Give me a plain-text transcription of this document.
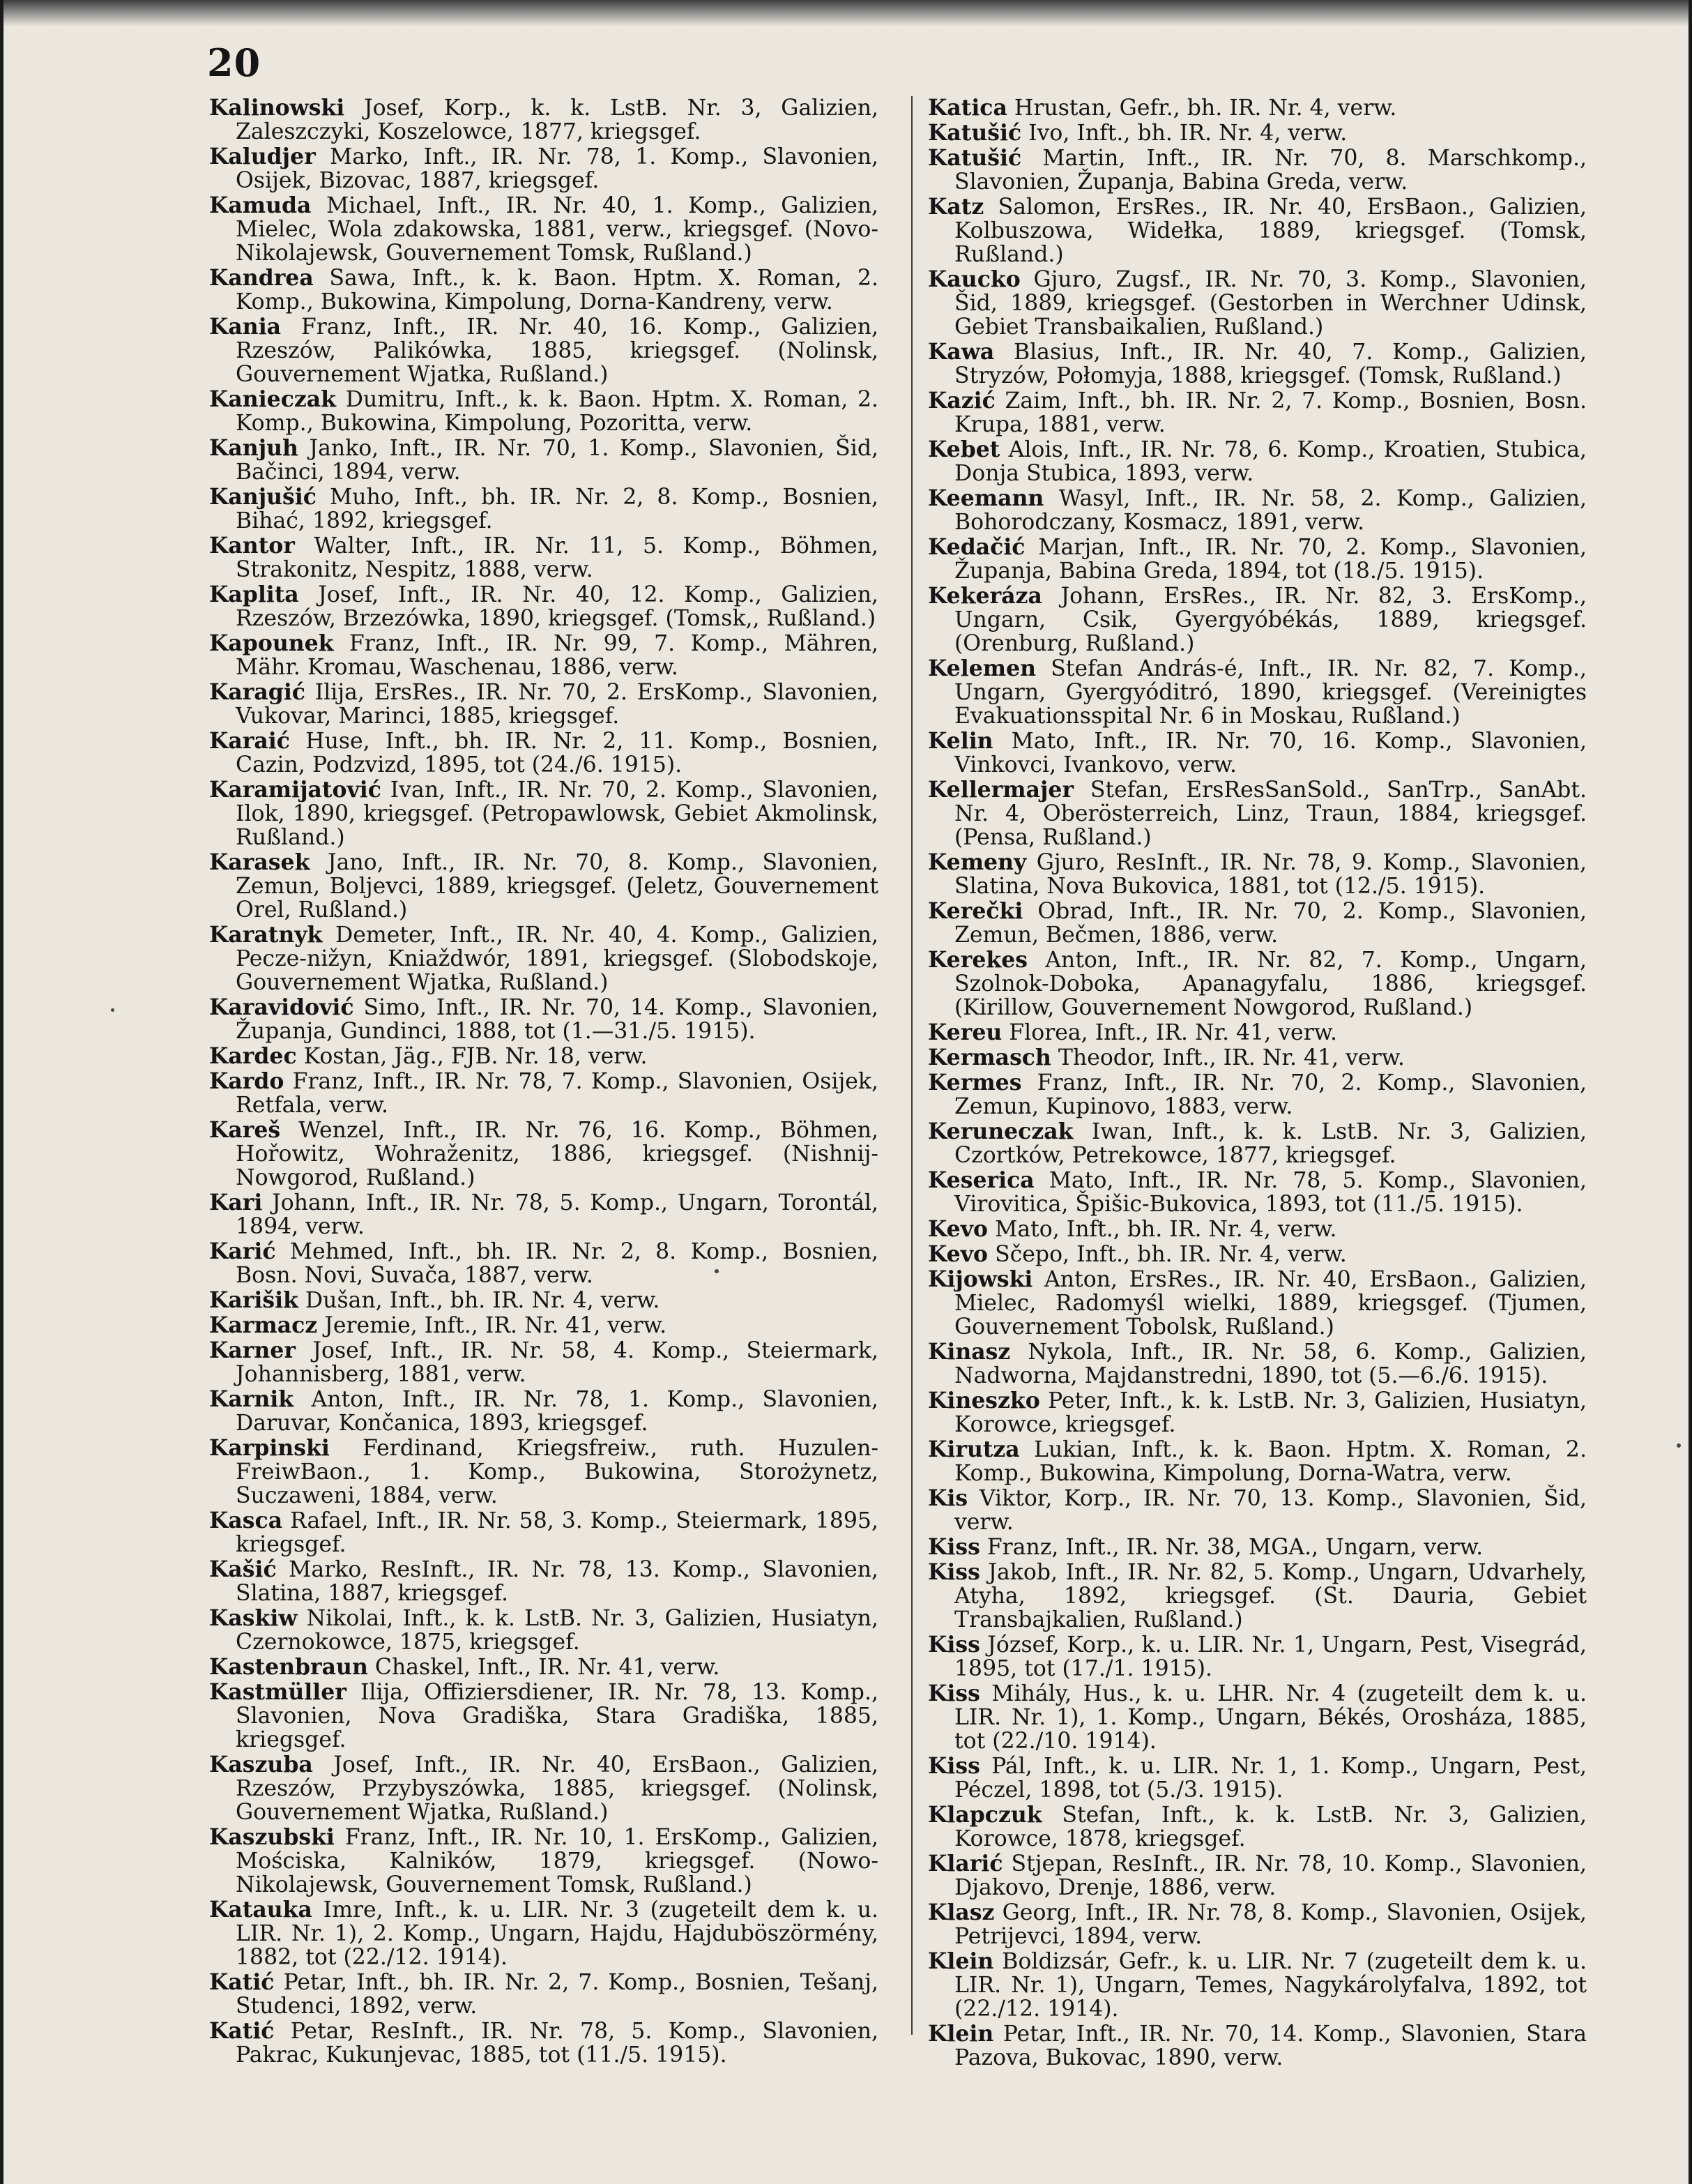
20
Kalinowski Josef, Korp., k. k. LstB. Nr. 3, Galizien, Zaleszczyki, Koszelowce, 1877, kriegsgef.
Kaludjer Marko, Inft., IR. Nr. 78, 1. Komp., Slavonien, Osijek, Bizovac, 1887, kriegsgef.
Kamuda Michael, Inft., IR. Nr. 40, 1. Komp., Galizien, Mielec, Wola zdakowska, 1881, verw., kriegsgef. (Novo-Nikolajewsk, Gouvernement Tomsk, Rußland.)
Kandrea Sawa, Inft., k. k. Baon. Hptm. X. Roman, 2. Komp., Bukowina, Kimpolung, Dorna-Kandreny, verw.
Kania Franz, Inft., IR. Nr. 40, 16. Komp., Galizien, Rzeszów, Palikówka, 1885, kriegsgef. (Nolinsk, Gouvernement Wjatka, Rußland.)
Kanieczak Dumitru, Inft., k. k. Baon. Hptm. X. Roman, 2. Komp., Bukowina, Kimpolung, Pozoritta, verw.
Kanjuh Janko, Inft., IR. Nr. 70, 1. Komp., Slavonien, Šid, Bačinci, 1894, verw.
Kanjušić Muho, Inft., bh. IR. Nr. 2, 8. Komp., Bosnien, Bihać, 1892, kriegsgef.
Kantor Walter, Inft., IR. Nr. 11, 5. Komp., Böhmen, Strakonitz, Nespitz, 1888, verw.
Kaplita Josef, Inft., IR. Nr. 40, 12. Komp., Galizien, Rzeszów, Brzezówka, 1890, kriegsgef. (Tomsk,, Rußland.)
Kapounek Franz, Inft., IR. Nr. 99, 7. Komp., Mähren, Mähr. Kromau, Waschenau, 1886, verw.
Karagić Ilija, ErsRes., IR. Nr. 70, 2. ErsKomp., Slavonien, Vukovar, Marinci, 1885, kriegsgef.
Karaić Huse, Inft., bh. IR. Nr. 2, 11. Komp., Bosnien, Cazin, Podzvizd, 1895, tot (24./6. 1915).
Karamijatović Ivan, Inft., IR. Nr. 70, 2. Komp., Slavonien, Ilok, 1890, kriegsgef. (Petropawlowsk, Gebiet Akmolinsk, Rußland.)
Karasek Jano, Inft., IR. Nr. 70, 8. Komp., Slavonien, Zemun, Boljevci, 1889, kriegsgef. (Jeletz, Gouvernement Orel, Rußland.)
Karatnyk Demeter, Inft., IR. Nr. 40, 4. Komp., Galizien, Pecze-nižyn, Kniaždwór, 1891, kriegsgef. (Slobodskoje, Gouvernement Wjatka, Rußland.)
Karavidović Simo, Inft., IR. Nr. 70, 14. Komp., Slavonien, Županja, Gundinci, 1888, tot (1.—31./5. 1915).
Kardec Kostan, Jäg., FJB. Nr. 18, verw.
Kardo Franz, Inft., IR. Nr. 78, 7. Komp., Slavonien, Osijek, Retfala, verw.
Kareš Wenzel, Inft., IR. Nr. 76, 16. Komp., Böhmen, Hořowitz, Wohraženitz, 1886, kriegsgef. (Nishnij-Nowgorod, Rußland.)
Kari Johann, Inft., IR. Nr. 78, 5. Komp., Ungarn, Torontál, 1894, verw.
Karić Mehmed, Inft., bh. IR. Nr. 2, 8. Komp., Bosnien, Bosn. Novi, Suvača, 1887, verw.
Karišik Dušan, Inft., bh. IR. Nr. 4, verw.
Karmacz Jeremie, Inft., IR. Nr. 41, verw.
Karner Josef, Inft., IR. Nr. 58, 4. Komp., Steiermark, Johannisberg, 1881, verw.
Karnik Anton, Inft., IR. Nr. 78, 1. Komp., Slavonien, Daruvar, Končanica, 1893, kriegsgef.
Karpinski Ferdinand, Kriegsfreiw., ruth. Huzulen-FreiwBaon., 1. Komp., Bukowina, Storożynetz, Suczaweni, 1884, verw.
Kasca Rafael, Inft., IR. Nr. 58, 3. Komp., Steiermark, 1895, kriegsgef.
Kašić Marko, ResInft., IR. Nr. 78, 13. Komp., Slavonien, Slatina, 1887, kriegsgef.
Kaskiw Nikolai, Inft., k. k. LstB. Nr. 3, Galizien, Husiatyn, Czernokowce, 1875, kriegsgef.
Kastenbraun Chaskel, Inft., IR. Nr. 41, verw.
Kastmüller Ilija, Offiziersdiener, IR. Nr. 78, 13. Komp., Slavonien, Nova Gradiška, Stara Gradiška, 1885, kriegsgef.
Kaszuba Josef, Inft., IR. Nr. 40, ErsBaon., Galizien, Rzeszów, Przybyszówka, 1885, kriegsgef. (Nolinsk, Gouvernement Wjatka, Rußland.)
Kaszubski Franz, Inft., IR. Nr. 10, 1. ErsKomp., Galizien, Mościska, Kalników, 1879, kriegsgef. (Nowo-Nikolajewsk, Gouvernement Tomsk, Rußland.)
Katauka Imre, Inft., k. u. LIR. Nr. 3 (zugeteilt dem k. u. LIR. Nr. 1), 2. Komp., Ungarn, Hajdu, Hajduböszörmény, 1882, tot (22./12. 1914).
Katić Petar, Inft., bh. IR. Nr. 2, 7. Komp., Bosnien, Tešanj, Studenci, 1892, verw.
Katić Petar, ResInft., IR. Nr. 78, 5. Komp., Slavonien, Pakrac, Kukunjevac, 1885, tot (11./5. 1915).
Katica Hrustan, Gefr., bh. IR. Nr. 4, verw.
Katušić Ivo, Inft., bh. IR. Nr. 4, verw.
Katušić Martin, Inft., IR. Nr. 70, 8. Marschkomp., Slavonien, Županja, Babina Greda, verw.
Katz Salomon, ErsRes., IR. Nr. 40, ErsBaon., Galizien, Kolbuszowa, Widełka, 1889, kriegsgef. (Tomsk, Rußland.)
Kaucko Gjuro, Zugsf., IR. Nr. 70, 3. Komp., Slavonien, Šid, 1889, kriegsgef. (Gestorben in Werchner Udinsk, Gebiet Transbaikalien, Rußland.)
Kawa Blasius, Inft., IR. Nr. 40, 7. Komp., Galizien, Stryzów, Połomyja, 1888, kriegsgef. (Tomsk, Rußland.)
Kazić Zaim, Inft., bh. IR. Nr. 2, 7. Komp., Bosnien, Bosn. Krupa, 1881, verw.
Kebet Alois, Inft., IR. Nr. 78, 6. Komp., Kroatien, Stubica, Donja Stubica, 1893, verw.
Keemann Wasyl, Inft., IR. Nr. 58, 2. Komp., Galizien, Bohorodczany, Kosmacz, 1891, verw.
Kedačić Marjan, Inft., IR. Nr. 70, 2. Komp., Slavonien, Županja, Babina Greda, 1894, tot (18./5. 1915).
Kekeráza Johann, ErsRes., IR. Nr. 82, 3. ErsKomp., Ungarn, Csik, Gyergyóbékás, 1889, kriegsgef. (Orenburg, Rußland.)
Kelemen Stefan András-é, Inft., IR. Nr. 82, 7. Komp., Ungarn, Gyergyóditró, 1890, kriegsgef. (Vereinigtes Evakuationsspital Nr. 6 in Moskau, Rußland.)
Kelin Mato, Inft., IR. Nr. 70, 16. Komp., Slavonien, Vinkovci, Ivankovo, verw.
Kellermajer Stefan, ErsResSanSold., SanTrp., SanAbt. Nr. 4, Oberösterreich, Linz, Traun, 1884, kriegsgef. (Pensa, Rußland.)
Kemeny Gjuro, ResInft., IR. Nr. 78, 9. Komp., Slavonien, Slatina, Nova Bukovica, 1881, tot (12./5. 1915).
Kerečki Obrad, Inft., IR. Nr. 70, 2. Komp., Slavonien, Zemun, Bečmen, 1886, verw.
Kerekes Anton, Inft., IR. Nr. 82, 7. Komp., Ungarn, Szolnok-Doboka, Apanagyfalu, 1886, kriegsgef. (Kirillow, Gouvernement Nowgorod, Rußland.)
Kereu Florea, Inft., IR. Nr. 41, verw.
Kermasch Theodor, Inft., IR. Nr. 41, verw.
Kermes Franz, Inft., IR. Nr. 70, 2. Komp., Slavonien, Zemun, Kupinovo, 1883, verw.
Keruneczak Iwan, Inft., k. k. LstB. Nr. 3, Galizien, Czortków, Petrekowce, 1877, kriegsgef.
Keserica Mato, Inft., IR. Nr. 78, 5. Komp., Slavonien, Virovitica, Špišic-Bukovica, 1893, tot (11./5. 1915).
Kevo Mato, Inft., bh. IR. Nr. 4, verw.
Kevo Sčepo, Inft., bh. IR. Nr. 4, verw.
Kijowski Anton, ErsRes., IR. Nr. 40, ErsBaon., Galizien, Mielec, Radomyśl wielki, 1889, kriegsgef. (Tjumen, Gouvernement Tobolsk, Rußland.)
Kinasz Nykola, Inft., IR. Nr. 58, 6. Komp., Galizien, Nadworna, Majdanstredni, 1890, tot (5.—6./6. 1915).
Kineszko Peter, Inft., k. k. LstB. Nr. 3, Galizien, Husiatyn, Korowce, kriegsgef.
Kirutza Lukian, Inft., k. k. Baon. Hptm. X. Roman, 2. Komp., Bukowina, Kimpolung, Dorna-Watra, verw.
Kis Viktor, Korp., IR. Nr. 70, 13. Komp., Slavonien, Šid, verw.
Kiss Franz, Inft., IR. Nr. 38, MGA., Ungarn, verw.
Kiss Jakob, Inft., IR. Nr. 82, 5. Komp., Ungarn, Udvarhely, Atyha, 1892, kriegsgef. (St. Dauria, Gebiet Transbajkalien, Rußland.)
Kiss József, Korp., k. u. LIR. Nr. 1, Ungarn, Pest, Visegrád, 1895, tot (17./1. 1915).
Kiss Mihály, Hus., k. u. LHR. Nr. 4 (zugeteilt dem k. u. LIR. Nr. 1), 1. Komp., Ungarn, Békés, Orosháza, 1885, tot (22./10. 1914).
Kiss Pál, Inft., k. u. LIR. Nr. 1, 1. Komp., Ungarn, Pest, Péczel, 1898, tot (5./3. 1915).
Klapczuk Stefan, Inft., k. k. LstB. Nr. 3, Galizien, Korowce, 1878, kriegsgef.
Klarić Stjepan, ResInft., IR. Nr. 78, 10. Komp., Slavonien, Djakovo, Drenje, 1886, verw.
Klasz Georg, Inft., IR. Nr. 78, 8. Komp., Slavonien, Osijek, Petrijevci, 1894, verw.
Klein Boldizsár, Gefr., k. u. LIR. Nr. 7 (zugeteilt dem k. u. LIR. Nr. 1), Ungarn, Temes, Nagykárolyfalva, 1892, tot (22./12. 1914).
Klein Petar, Inft., IR. Nr. 70, 14. Komp., Slavonien, Stara Pazova, Bukovac, 1890, verw.
